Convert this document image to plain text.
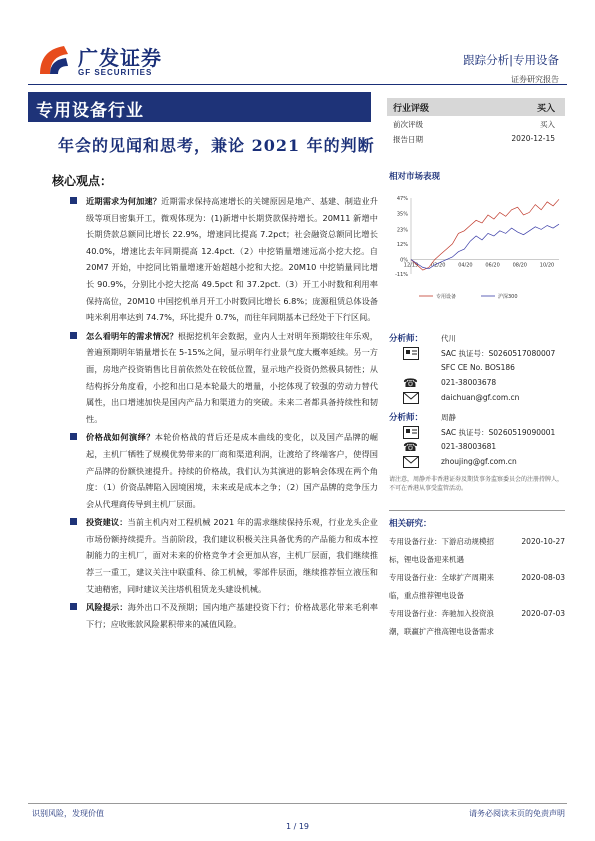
广发证券
GF SECURITIES
跟踪分析|专用设备
证券研究报告
专用设备行业
年会的见闻和思考，兼论 2021 年的判断
核心观点：
近期需求为何加速？近期需求保持高速增长的关键原因是地产、基建、制造业升级等项目密集开工，微观体现为：(1)新增中长期贷款保持增长。20M11 新增中长期贷款总额同比增长 22.9%，增速同比提高 7.2pct；社会融资总额同比增长 40.0%，增速比去年同期提高 12.4pct.（2）中挖销量增速远高小挖大挖。自 20M7 开始，中挖同比销量增速开始超越小挖和大挖。20M10 中挖销量同比增长 90.9%，分别比小挖大挖高 49.5pct 和 37.2pct.（3）开工小时数和利用率保持高位，20M10 中国挖机单月开工小时数同比增长 6.8%；庞源租赁总体设备吨米利用率达到 74.7%，环比提升 0.7%，而往年同期基本已经处于下行区间。
怎么看明年的需求情况？根据挖机年会数据，业内人士对明年预期较往年乐观，普遍预期明年销量增长在 5-15%之间，显示明年行业景气度大概率延续。另一方面，房地产投资销售比目前依然处在较低位置，显示地产投资仍然极具韧性；从结构拆分角度看，小挖和出口是本轮最大的增量，小挖体现了较强的劳动力替代属性，出口增速加快是国内产品力和渠道力的突破。未来二者都具备持续性和韧性。
价格战如何演绎？本轮价格战的背后还是成本曲线的变化，以及国产品牌的崛起，主机厂牺牲了规模优势带来的厂商和渠道利润，让渡给了终端客户，使得国产品牌的份额快速提升。持续的价格战，我们认为其演进的影响会体现在两个角度：（1）价资品牌陷入因境困境，未来或是成本之争；（2）国产品牌的竞争压力会从代理商传导到主机厂层面。
投资建议：当前主机内对工程机械 2021 年的需求继续保持乐观，行业龙头企业市场份额持续提升。当前阶段，我们建议积极关注具备优秀的产品能力和成本控制能力的主机厂，面对未来的价格竞争才会更加从容，主机厂层面，我们继续推荐三一重工，建议关注中联重科、徐工机械，零部件层面，继续推荐恒立液压和艾迪精密，同时建议关注塔机租赁龙头建设机械。
风险提示：海外出口不及预期；国内地产基建投资下行；价格战恶化带来毛利率下行；应收账款风险累积带来的减值风险。
行业评级	买入
前次评级	买入
报告日期	2020-12-15
相对市场表现
47%
35%
23%
12%
0%
-11%
12/19	02/20	04/20	06/20	08/20	10/20
专用设备	沪深300
分析师： 代川
SAC 执证号：S0260517080007
SFC CE No. BOS186
☎	021-38003678
daichuan@gf.com.cn
分析师： 周静
SAC 执证号：S0260519090001
☎	021-38003681
zhoujing@gf.com.cn
请注意，周静并非香港证券及期货事务监察委员会的注册持牌人，不可在香港从事受监管活动。
相关研究：
专用设备行业：下游启动规模招标，锂电设备迎来机遇
2020-10-27
专用设备行业：全球扩产周期来临，重点推荐锂电设备
2020-08-03
专用设备行业：奔驰加入投资浪潮，联赢扩产推高锂电设备需求
2020-07-03
识别风险，发现价值	请务必阅读末页的免责声明
1 / 19
